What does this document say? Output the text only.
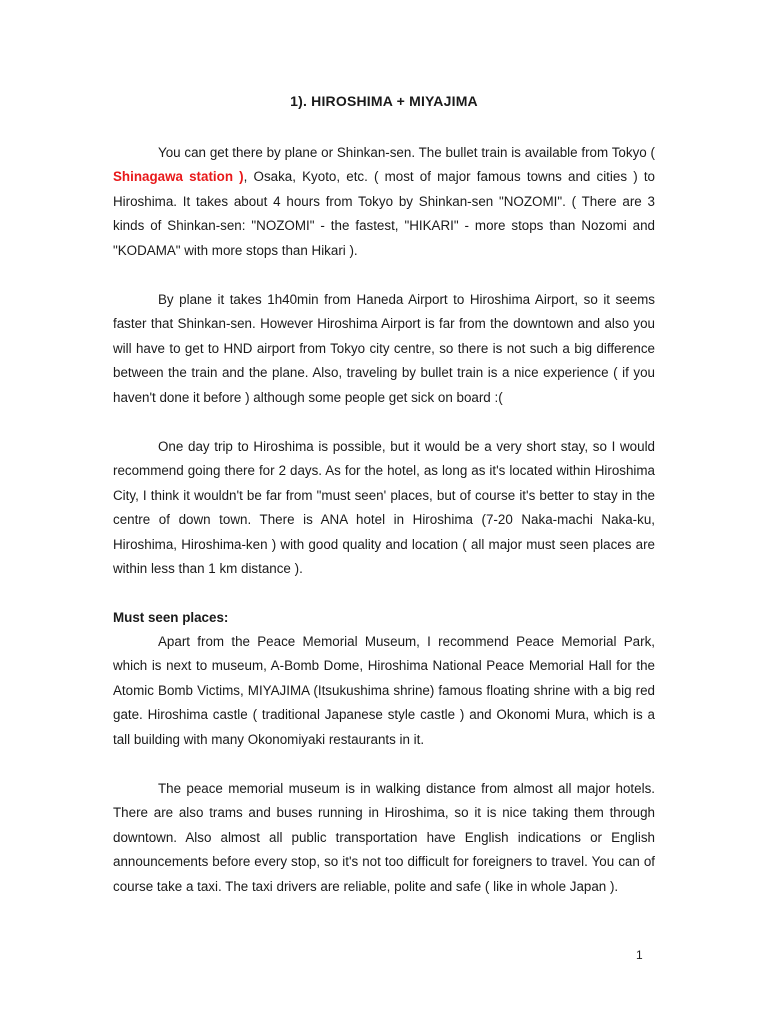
1). HIROSHIMA + MIYAJIMA

You can get there by plane or Shinkan-sen. The bullet train is available from Tokyo ( Shinagawa station ), Osaka, Kyoto, etc. ( most of major famous towns and cities ) to Hiroshima. It takes about 4 hours from Tokyo by Shinkan-sen "NOZOMI". ( There are 3 kinds of Shinkan-sen: "NOZOMI" - the fastest, "HIKARI" - more stops than Nozomi and "KODAMA" with more stops than Hikari ).

By plane it takes 1h40min from Haneda Airport to Hiroshima Airport, so it seems faster that Shinkan-sen. However Hiroshima Airport is far from the downtown and also you will have to get to HND airport from Tokyo city centre, so there is not such a big difference between the train and the plane. Also, traveling by bullet train is a nice experience ( if you haven't done it before ) although some people get sick on board :(

One day trip to Hiroshima is possible, but it would be a very short stay, so I would recommend going there for 2 days. As for the hotel, as long as it's located within Hiroshima City, I think it wouldn't be far from "must seen' places, but of course it's better to stay in the centre of down town. There is ANA hotel in Hiroshima (7-20 Naka-machi Naka-ku, Hiroshima, Hiroshima-ken ) with good quality and location ( all major must seen places are within less than 1 km distance ).

Must seen places:

Apart from the Peace Memorial Museum, I recommend Peace Memorial Park, which is next to museum, A-Bomb Dome, Hiroshima National Peace Memorial Hall for the Atomic Bomb Victims, MIYAJIMA (Itsukushima shrine) famous floating shrine with a big red gate. Hiroshima castle ( traditional Japanese style castle ) and Okonomi Mura, which is a tall building with many Okonomiyaki restaurants in it.

The peace memorial museum is in walking distance from almost all major hotels. There are also trams and buses running in Hiroshima, so it is nice taking them through downtown. Also almost all public transportation have English indications or English announcements before every stop, so it's not too difficult for foreigners to travel. You can of course take a taxi. The taxi drivers are reliable, polite and safe ( like in whole Japan ).

1
